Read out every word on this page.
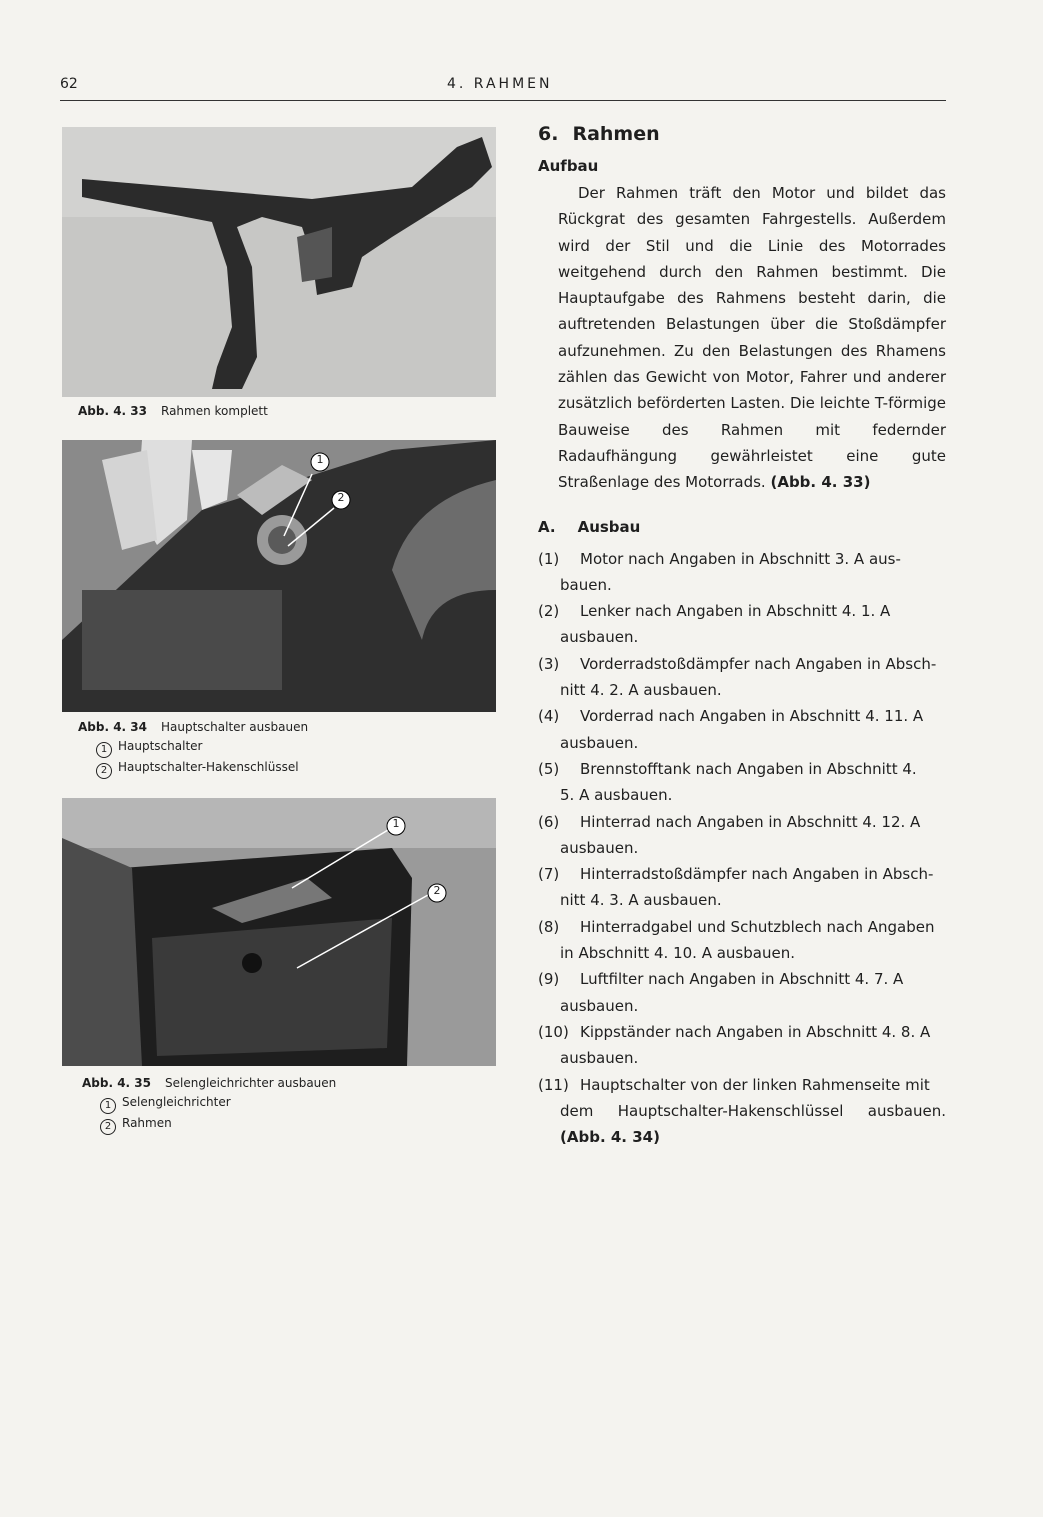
62	4. RAHMEN
Abb. 4. 33 Rahmen komplett
1
2
Abb. 4. 34 Hauptschalter ausbauen
1 Hauptschalter
2 Hauptschalter-Hakenschlüssel
1
2
Abb. 4. 35 Selengleichrichter ausbauen
1 Selengleichrichter
2 Rahmen
6. Rahmen
Aufbau

Der Rahmen träft den Motor und bildet das Rückgrat des gesamten Fahrgestells. Außerdem wird der Stil und die Linie des Motorrades weitgehend durch den Rahmen bestimmt. Die Hauptaufgabe des Rahmens besteht darin, die auftretenden Belastungen über die Stoßdämpfer aufzunehmen. Zu den Belastungen des Rhamens zählen das Gewicht von Motor, Fahrer und anderer zusätzlich beförderten Lasten. Die leichte T-förmige Bauweise des Rahmen mit federnder Radaufhängung gewährleistet eine gute Straßenlage des Motorrads. (Abb. 4. 33)

A. Ausbau
(1) Motor nach Angaben in Abschnitt 3. A aus-
bauen.
(2) Lenker nach Angaben in Abschnitt 4. 1. A
ausbauen.
(3) Vorderradstoßdämpfer nach Angaben in Absch-
nitt 4. 2. A ausbauen.
(4) Vorderrad nach Angaben in Abschnitt 4. 11. A
ausbauen.
(5) Brennstofftank nach Angaben in Abschnitt 4.
5. A ausbauen.
(6) Hinterrad nach Angaben in Abschnitt 4. 12. A
ausbauen.
(7) Hinterradstoßdämpfer nach Angaben in Absch-
nitt 4. 3. A ausbauen.
(8) Hinterradgabel und Schutzblech nach Angaben
in Abschnitt 4. 10. A ausbauen.
(9) Luftfilter nach Angaben in Abschnitt 4. 7. A
ausbauen.
(10) Kippständer nach Angaben in Abschnitt 4. 8. A
ausbauen.
(11) Hauptschalter von der linken Rahmenseite mit
dem Hauptschalter-Hakenschlüssel ausbauen. (Abb. 4. 34)
